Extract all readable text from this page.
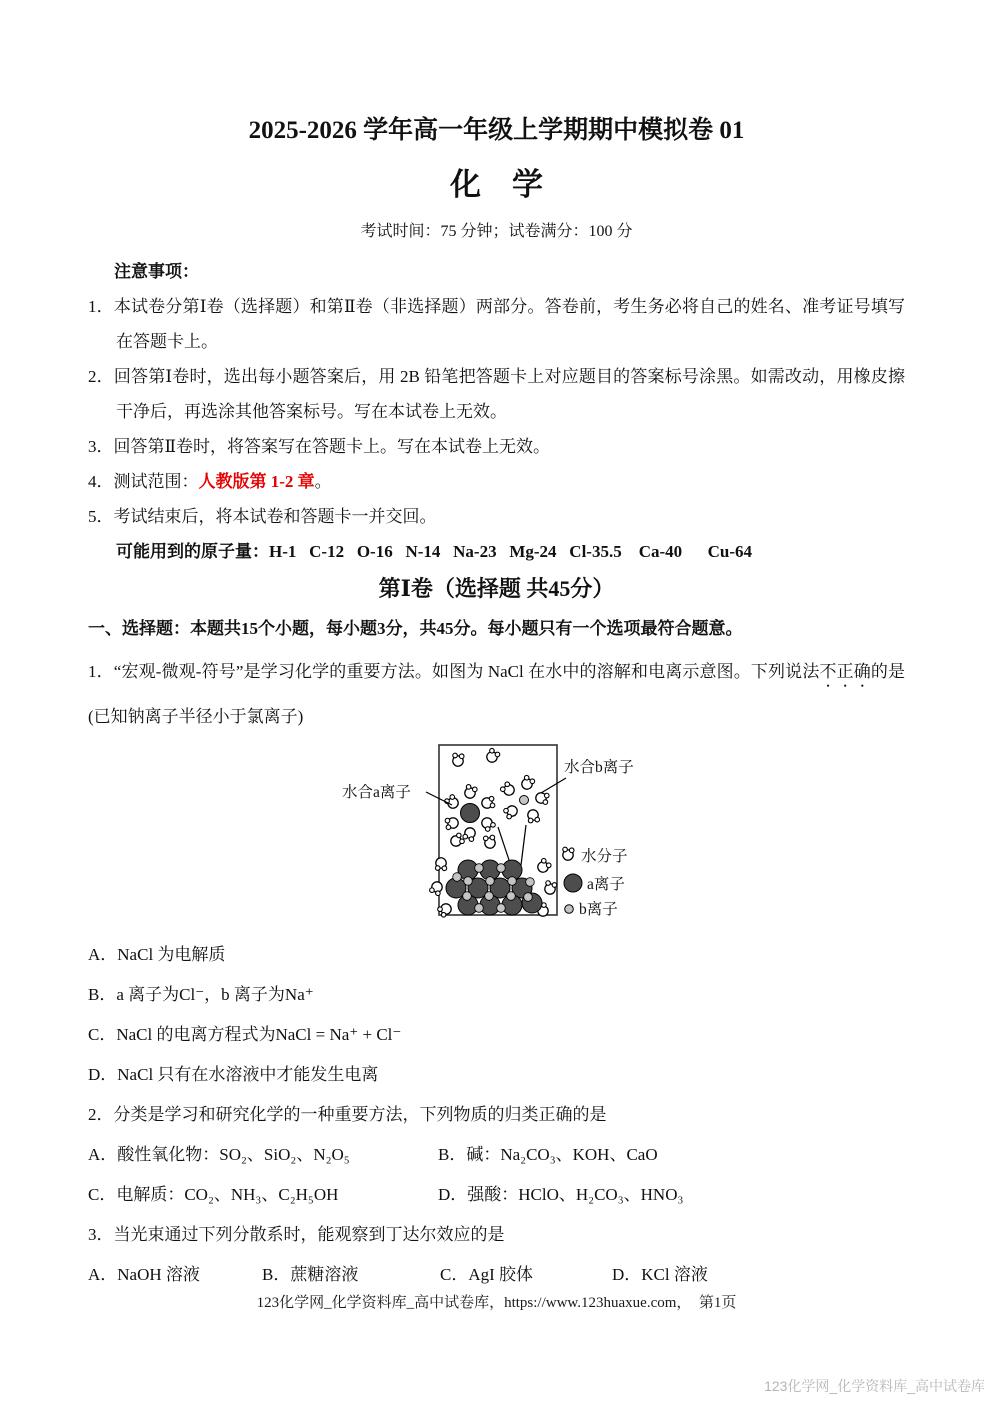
2025-2026 学年高一年级上学期期中模拟卷 01
化　学
考试时间：75 分钟；试卷满分：100 分
注意事项：
1．本试卷分第Ⅰ卷（选择题）和第Ⅱ卷（非选择题）两部分。答卷前，考生务必将自己的姓名、准考证号填写在答题卡上。
2．回答第Ⅰ卷时，选出每小题答案后，用 2B 铅笔把答题卡上对应题目的答案标号涂黑。如需改动，用橡皮擦干净后，再选涂其他答案标号。写在本试卷上无效。
3．回答第Ⅱ卷时，将答案写在答题卡上。写在本试卷上无效。
4．测试范围：人教版第 1-2 章。
5．考试结束后，将本试卷和答题卡一并交回。
可能用到的原子量：H-1   C-12   O-16   N-14   Na-23   Mg-24   Cl-35.5    Ca-40      Cu-64
第Ⅰ卷（选择题 共45分）
一、选择题：本题共15个小题，每小题3分，共45分。每小题只有一个选项最符合题意。
1．“宏观-微观-符号”是学习化学的重要方法。如图为 NaCl 在水中的溶解和电离示意图。下列说法不正确的是(已知钠离子半径小于氯离子)
水合a离子
水合b离子
水分子
a离子
b离子
A．NaCl 为电解质
B．a 离子为Cl⁻，b 离子为Na⁺
C．NaCl 的电离方程式为NaCl = Na⁺ + Cl⁻
D．NaCl 只有在水溶液中才能发生电离
2．分类是学习和研究化学的一种重要方法，下列物质的归类正确的是
A．酸性氧化物：SO₂、SiO₂、N₂O₅	B．碱：Na₂CO₃、KOH、CaOC．电解质：CO₂、NH₃、C₂H₅OH	D．强酸：HClO、H₂CO₃、HNO₃
3．当光束通过下列分散系时，能观察到丁达尔效应的是
A．NaOH 溶液	B．蔗糖溶液	C．AgI 胶体	D．KCl 溶液
123化学网_化学资料库_高中试卷库，https://www.123huaxue.com，　第1页
123化学网_化学资料库_高中试卷库
